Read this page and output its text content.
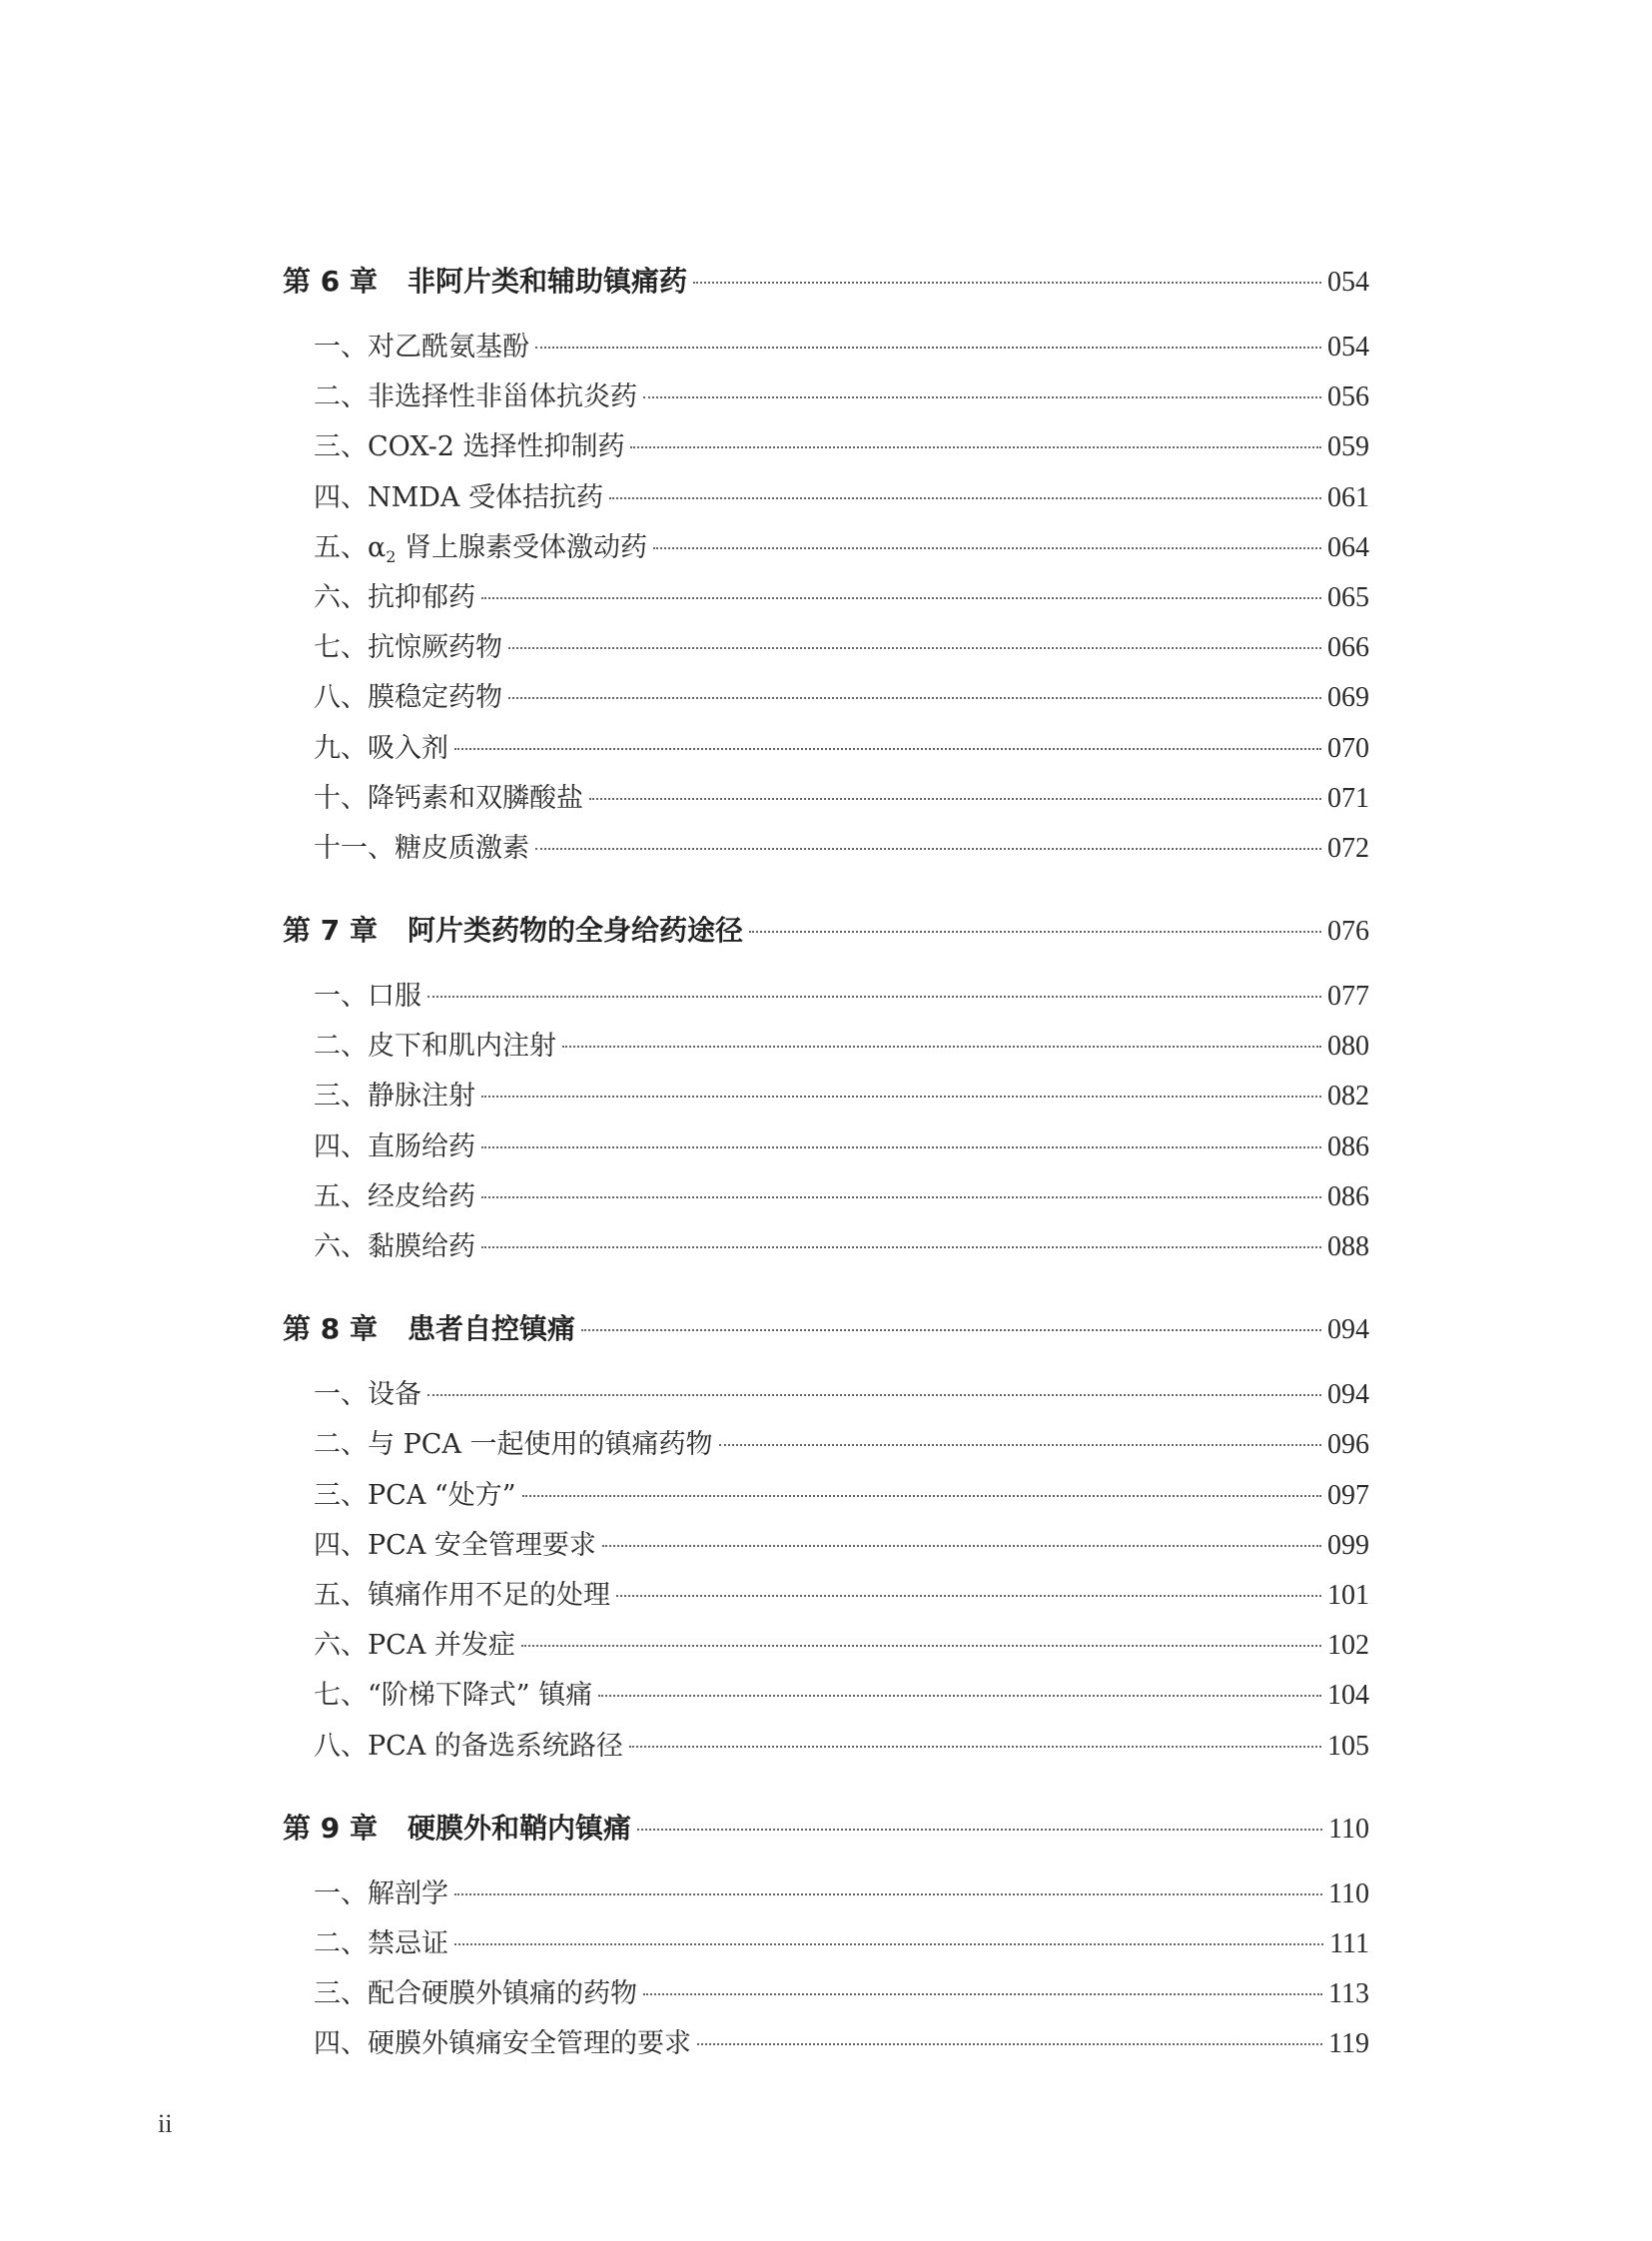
第 6 章 非阿片类和辅助镇痛药	054
一、对乙酰氨基酚	054
二、非选择性非甾体抗炎药	056
三、COX-2 选择性抑制药	059
四、NMDA 受体拮抗药	061
五、$\alpha_2$ 肾上腺素受体激动药	064
六、抗抑郁药	065
七、抗惊厥药物	066
八、膜稳定药物	069
九、吸入剂	070
十、降钙素和双膦酸盐	071
十一、糖皮质激素	072
第 7 章 阿片类药物的全身给药途径	076
一、口服	077
二、皮下和肌内注射	080
三、静脉注射	082
四、直肠给药	086
五、经皮给药	086
六、黏膜给药	088
第 8 章 患者自控镇痛	094
一、设备	094
二、与 PCA 一起使用的镇痛药物	096
三、PCA “处方”	097
四、PCA 安全管理要求	099
五、镇痛作用不足的处理	101
六、PCA 并发症	102
七、“阶梯下降式” 镇痛	104
八、PCA 的备选系统路径	105
第 9 章 硬膜外和鞘内镇痛	110
一、解剖学	110
二、禁忌证	111
三、配合硬膜外镇痛的药物	113
四、硬膜外镇痛安全管理的要求	119
ii
